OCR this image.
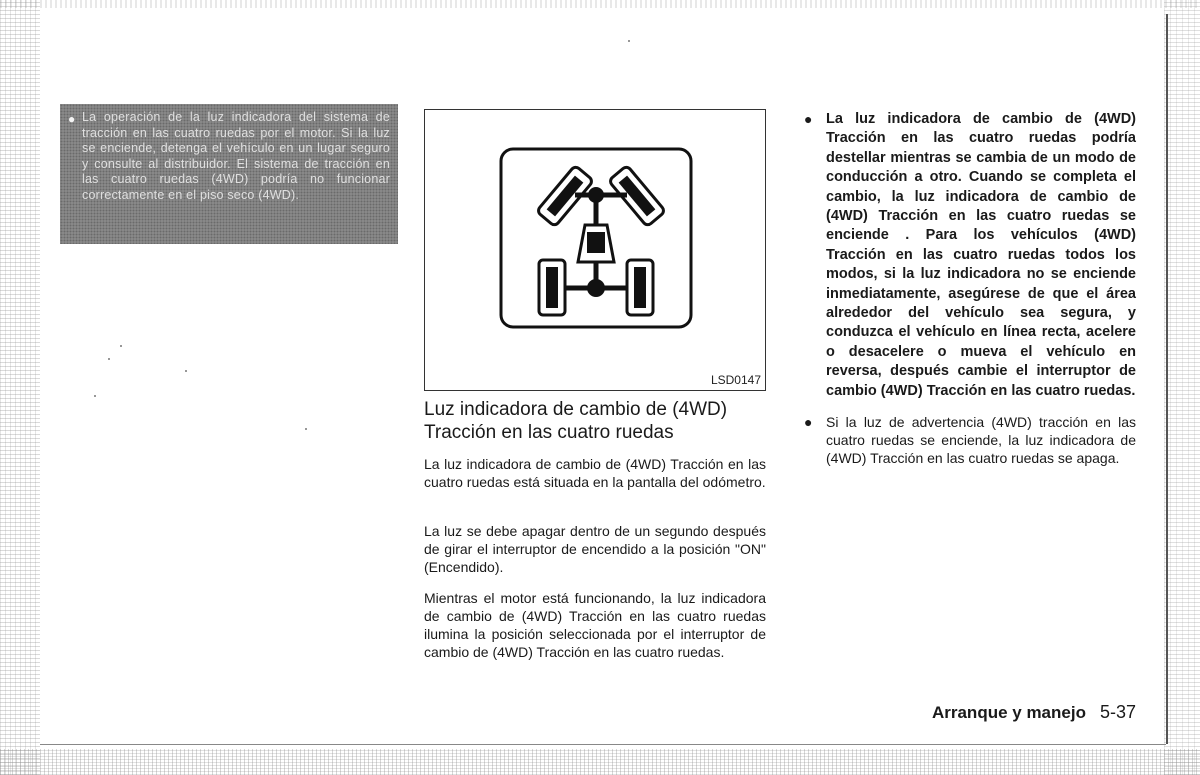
● La operación de la luz indicadora del sistema de tracción en las cuatro ruedas por el motor. Si la luz se enciende, detenga el vehículo en un lugar seguro y consulte al distribuidor. El sistema de tracción en las cuatro ruedas (4WD) podría no funcionar correctamente en el piso seco (4WD).
LSD0147
Luz indicadora de cambio de (4WD)
Tracción en las cuatro ruedas
La luz indicadora de cambio de (4WD) Tracción en las cuatro ruedas está situada en la pantalla del odómetro.
La luz se debe apagar dentro de un segundo después de girar el interruptor de encendido a la posición "ON" (Encendido).
Mientras el motor está funcionando, la luz indicadora de cambio de (4WD) Tracción en las cuatro ruedas ilumina la posición seleccionada por el interruptor de cambio de (4WD) Tracción en las cuatro ruedas.
● La luz indicadora de cambio de (4WD) Tracción en las cuatro ruedas podría destellar mientras se cambia de un modo de conducción a otro. Cuando se completa el cambio, la luz indicadora de cambio de (4WD) Tracción en las cuatro ruedas se enciende . Para los vehículos (4WD) Tracción en las cuatro ruedas todos los modos, si la luz indicadora no se enciende inmediatamente, asegúrese de que el área alrededor del vehículo sea segura, y conduzca el vehículo en línea recta, acelere o desacelere o mueva el vehículo en reversa, después cambie el interruptor de cambio (4WD) Tracción en las cuatro ruedas.
● Si la luz de advertencia (4WD) tracción en las cuatro ruedas se enciende, la luz indicadora de (4WD) Tracción en las cuatro ruedas se apaga.
Arranque y manejo 5-37
